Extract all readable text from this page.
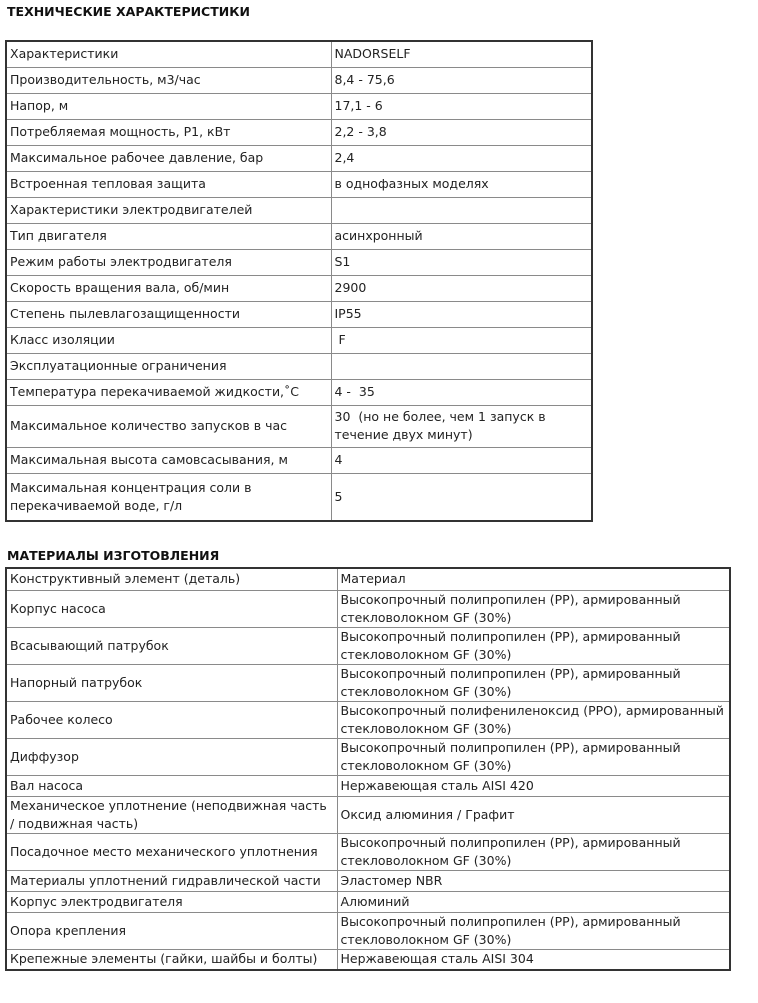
ТЕХНИЧЕСКИЕ ХАРАКТЕРИСТИКИ
Характеристики	NADORSELF
Производительность, м3/час	8,4 - 75,6
Напор, м	17,1 - 6
Потребляемая мощность, P1, кВт	2,2 - 3,8
Максимальное рабочее давление, бар	2,4
Встроенная тепловая защита	в однофазных моделях
Характеристики электродвигателей	
Тип двигателя	асинхронный
Режим работы электродвигателя	S1
Скорость вращения вала, об/мин	2900
Степень пылевлагозащищенности	IP55
Класс изоляции	F
Эксплуатационные ограничения	
Температура перекачиваемой жидкости,˚C	4 -  35
Максимальное количество запусков в час	30  (но не более, чем 1 запуск в течение двух минут)
Максимальная высота самовсасывания, м	4
Максимальная концентрация соли в перекачиваемой воде, г/л	5
МАТЕРИАЛЫ ИЗГОТОВЛЕНИЯ
Конструктивный элемент (деталь)	Материал
Корпус насоса	Высокопрочный полипропилен (PP), армированный стекловолокном GF (30%)
Всасывающий патрубок	Высокопрочный полипропилен (PP), армированный стекловолокном GF (30%)
Напорный патрубок	Высокопрочный полипропилен (PP), армированный стекловолокном GF (30%)
Рабочее колесо	Высокопрочный полифениленоксид (PPO), армированный стекловолокном GF (30%)
Диффузор	Высокопрочный полипропилен (PP), армированный стекловолокном GF (30%)
Вал насоса	Нержавеющая сталь AISI 420
Механическое уплотнение (неподвижная часть / подвижная часть)	Оксид алюминия / Графит
Посадочное место механического уплотнения	Высокопрочный полипропилен (PP), армированный стекловолокном GF (30%)
Материалы уплотнений гидравлической части	Эластомер NBR
Корпус электродвигателя	Алюминий
Опора крепления	Высокопрочный полипропилен (PP), армированный стекловолокном GF (30%)
Крепежные элементы (гайки, шайбы и болты)	Нержавеющая сталь AISI 304
